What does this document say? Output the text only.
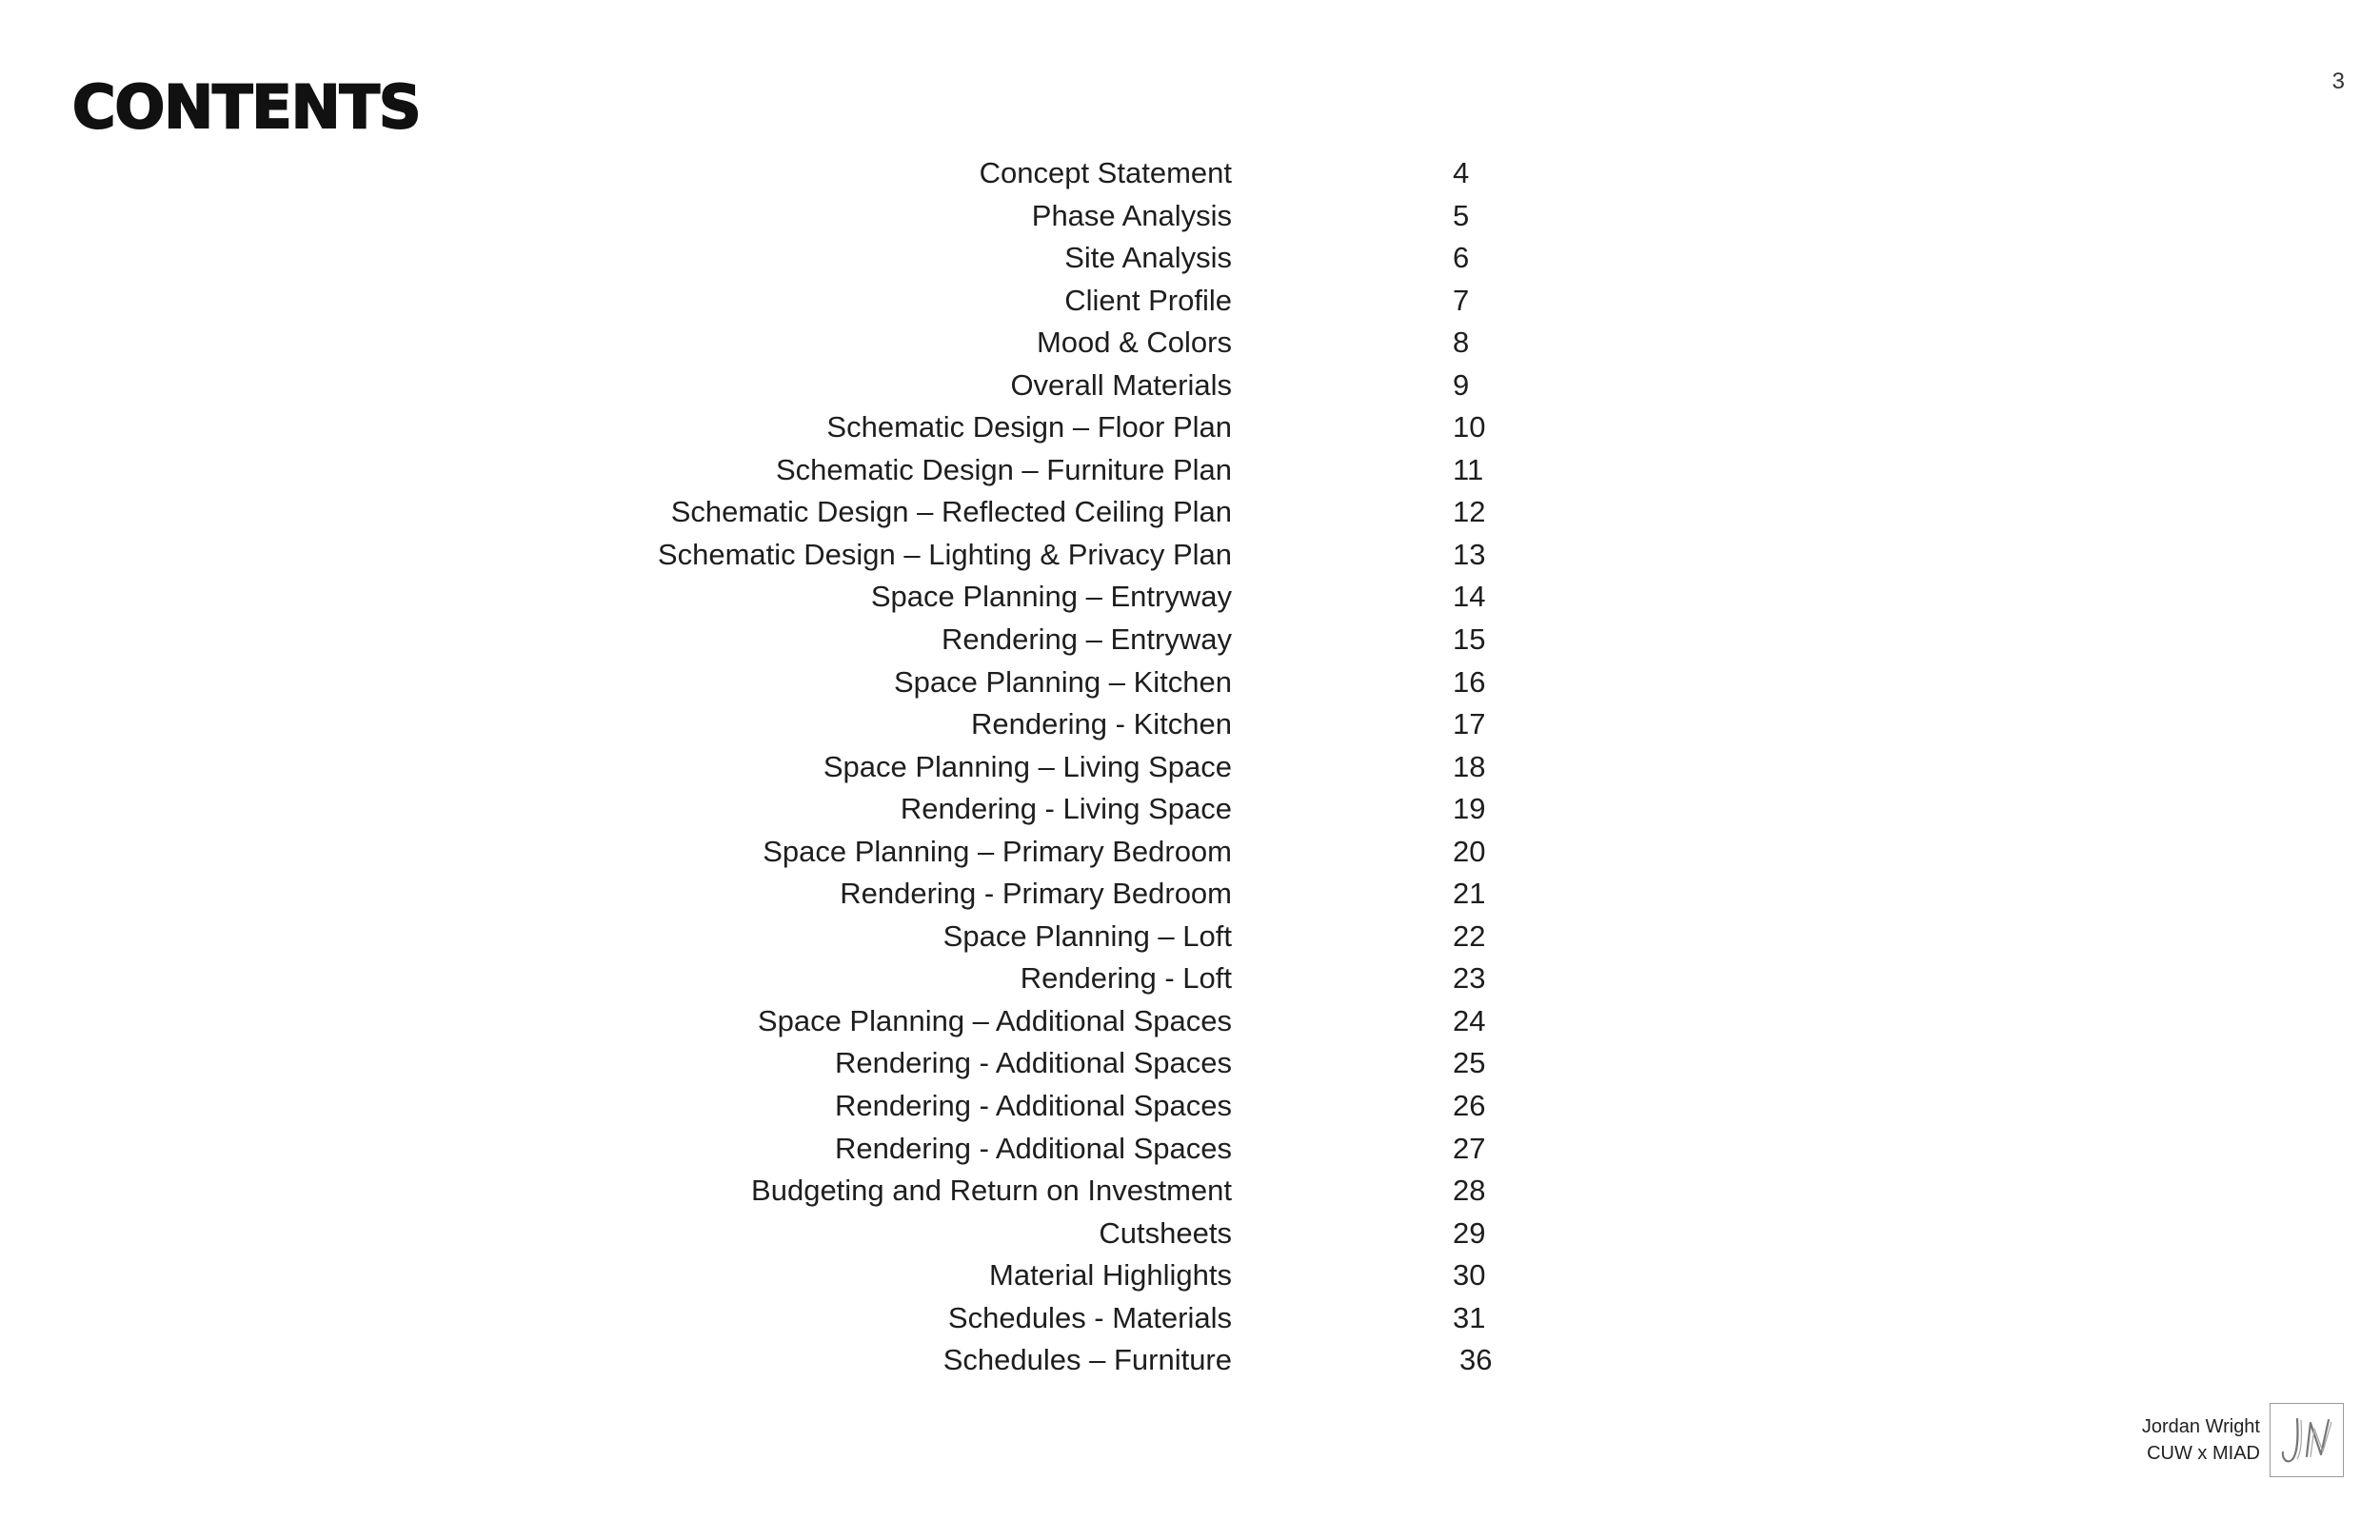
3
CONTENTS
Concept Statement	4
Phase Analysis	5
Site Analysis	6
Client Profile	7
Mood & Colors	8
Overall Materials	9
Schematic Design – Floor Plan	10
Schematic Design – Furniture Plan	11
Schematic Design – Reflected Ceiling Plan	12
Schematic Design – Lighting & Privacy Plan	13
Space Planning – Entryway	14
Rendering – Entryway	15
Space Planning – Kitchen	16
Rendering - Kitchen	17
Space Planning – Living Space	18
Rendering - Living Space	19
Space Planning – Primary Bedroom	20
Rendering - Primary Bedroom	21
Space Planning – Loft	22
Rendering - Loft	23
Space Planning – Additional Spaces	24
Rendering - Additional Spaces	25
Rendering - Additional Spaces	26
Rendering - Additional Spaces	27
Budgeting and Return on Investment	28
Cutsheets	29
Material Highlights	30
Schedules - Materials	31
Schedules – Furniture	36
Jordan Wright
CUW x MIAD
